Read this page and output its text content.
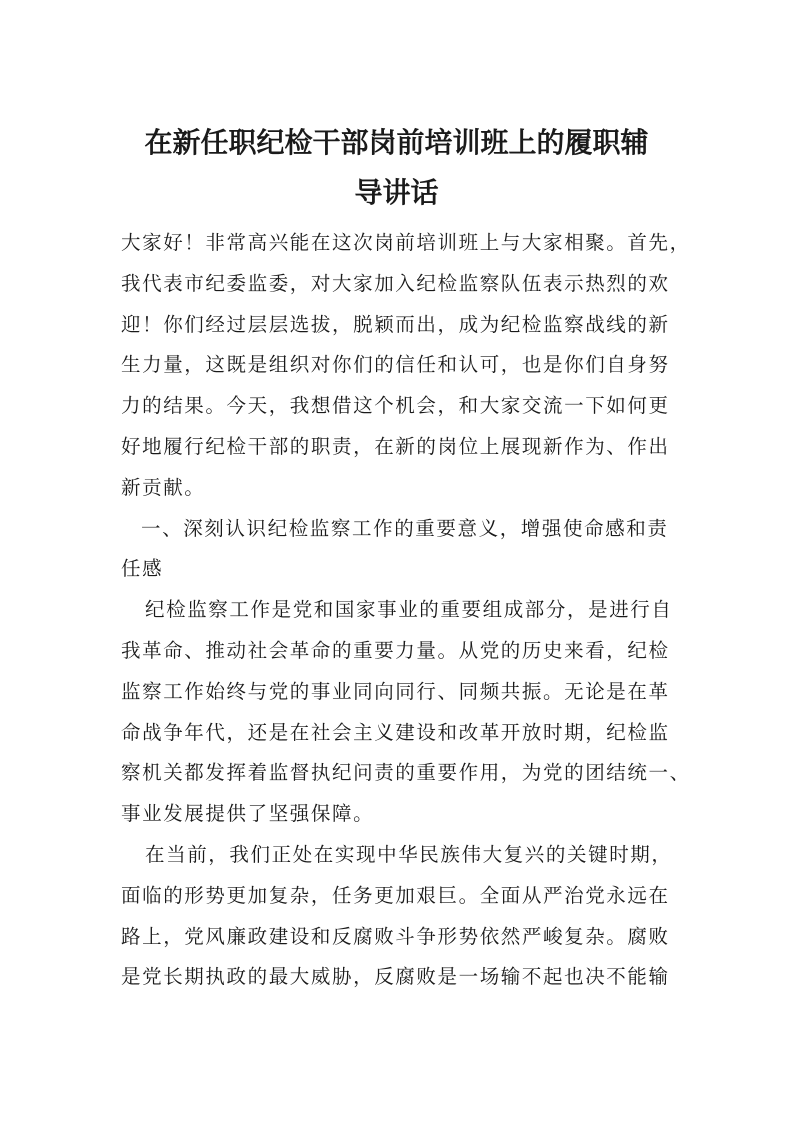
在新任职纪检干部岗前培训班上的履职辅
导讲话
大家好！非常高兴能在这次岗前培训班上与大家相聚。首先，
我代表市纪委监委，对大家加入纪检监察队伍表示热烈的欢
迎！你们经过层层选拔，脱颖而出，成为纪检监察战线的新
生力量，这既是组织对你们的信任和认可，也是你们自身努
力的结果。今天，我想借这个机会，和大家交流一下如何更
好地履行纪检干部的职责，在新的岗位上展现新作为、作出
新贡献。
一、深刻认识纪检监察工作的重要意义，增强使命感和责
任感
纪检监察工作是党和国家事业的重要组成部分，是进行自
我革命、推动社会革命的重要力量。从党的历史来看，纪检
监察工作始终与党的事业同向同行、同频共振。无论是在革
命战争年代，还是在社会主义建设和改革开放时期，纪检监
察机关都发挥着监督执纪问责的重要作用，为党的团结统一、
事业发展提供了坚强保障。
在当前，我们正处在实现中华民族伟大复兴的关键时期，
面临的形势更加复杂，任务更加艰巨。全面从严治党永远在
路上，党风廉政建设和反腐败斗争形势依然严峻复杂。腐败
是党长期执政的最大威胁，反腐败是一场输不起也决不能输
